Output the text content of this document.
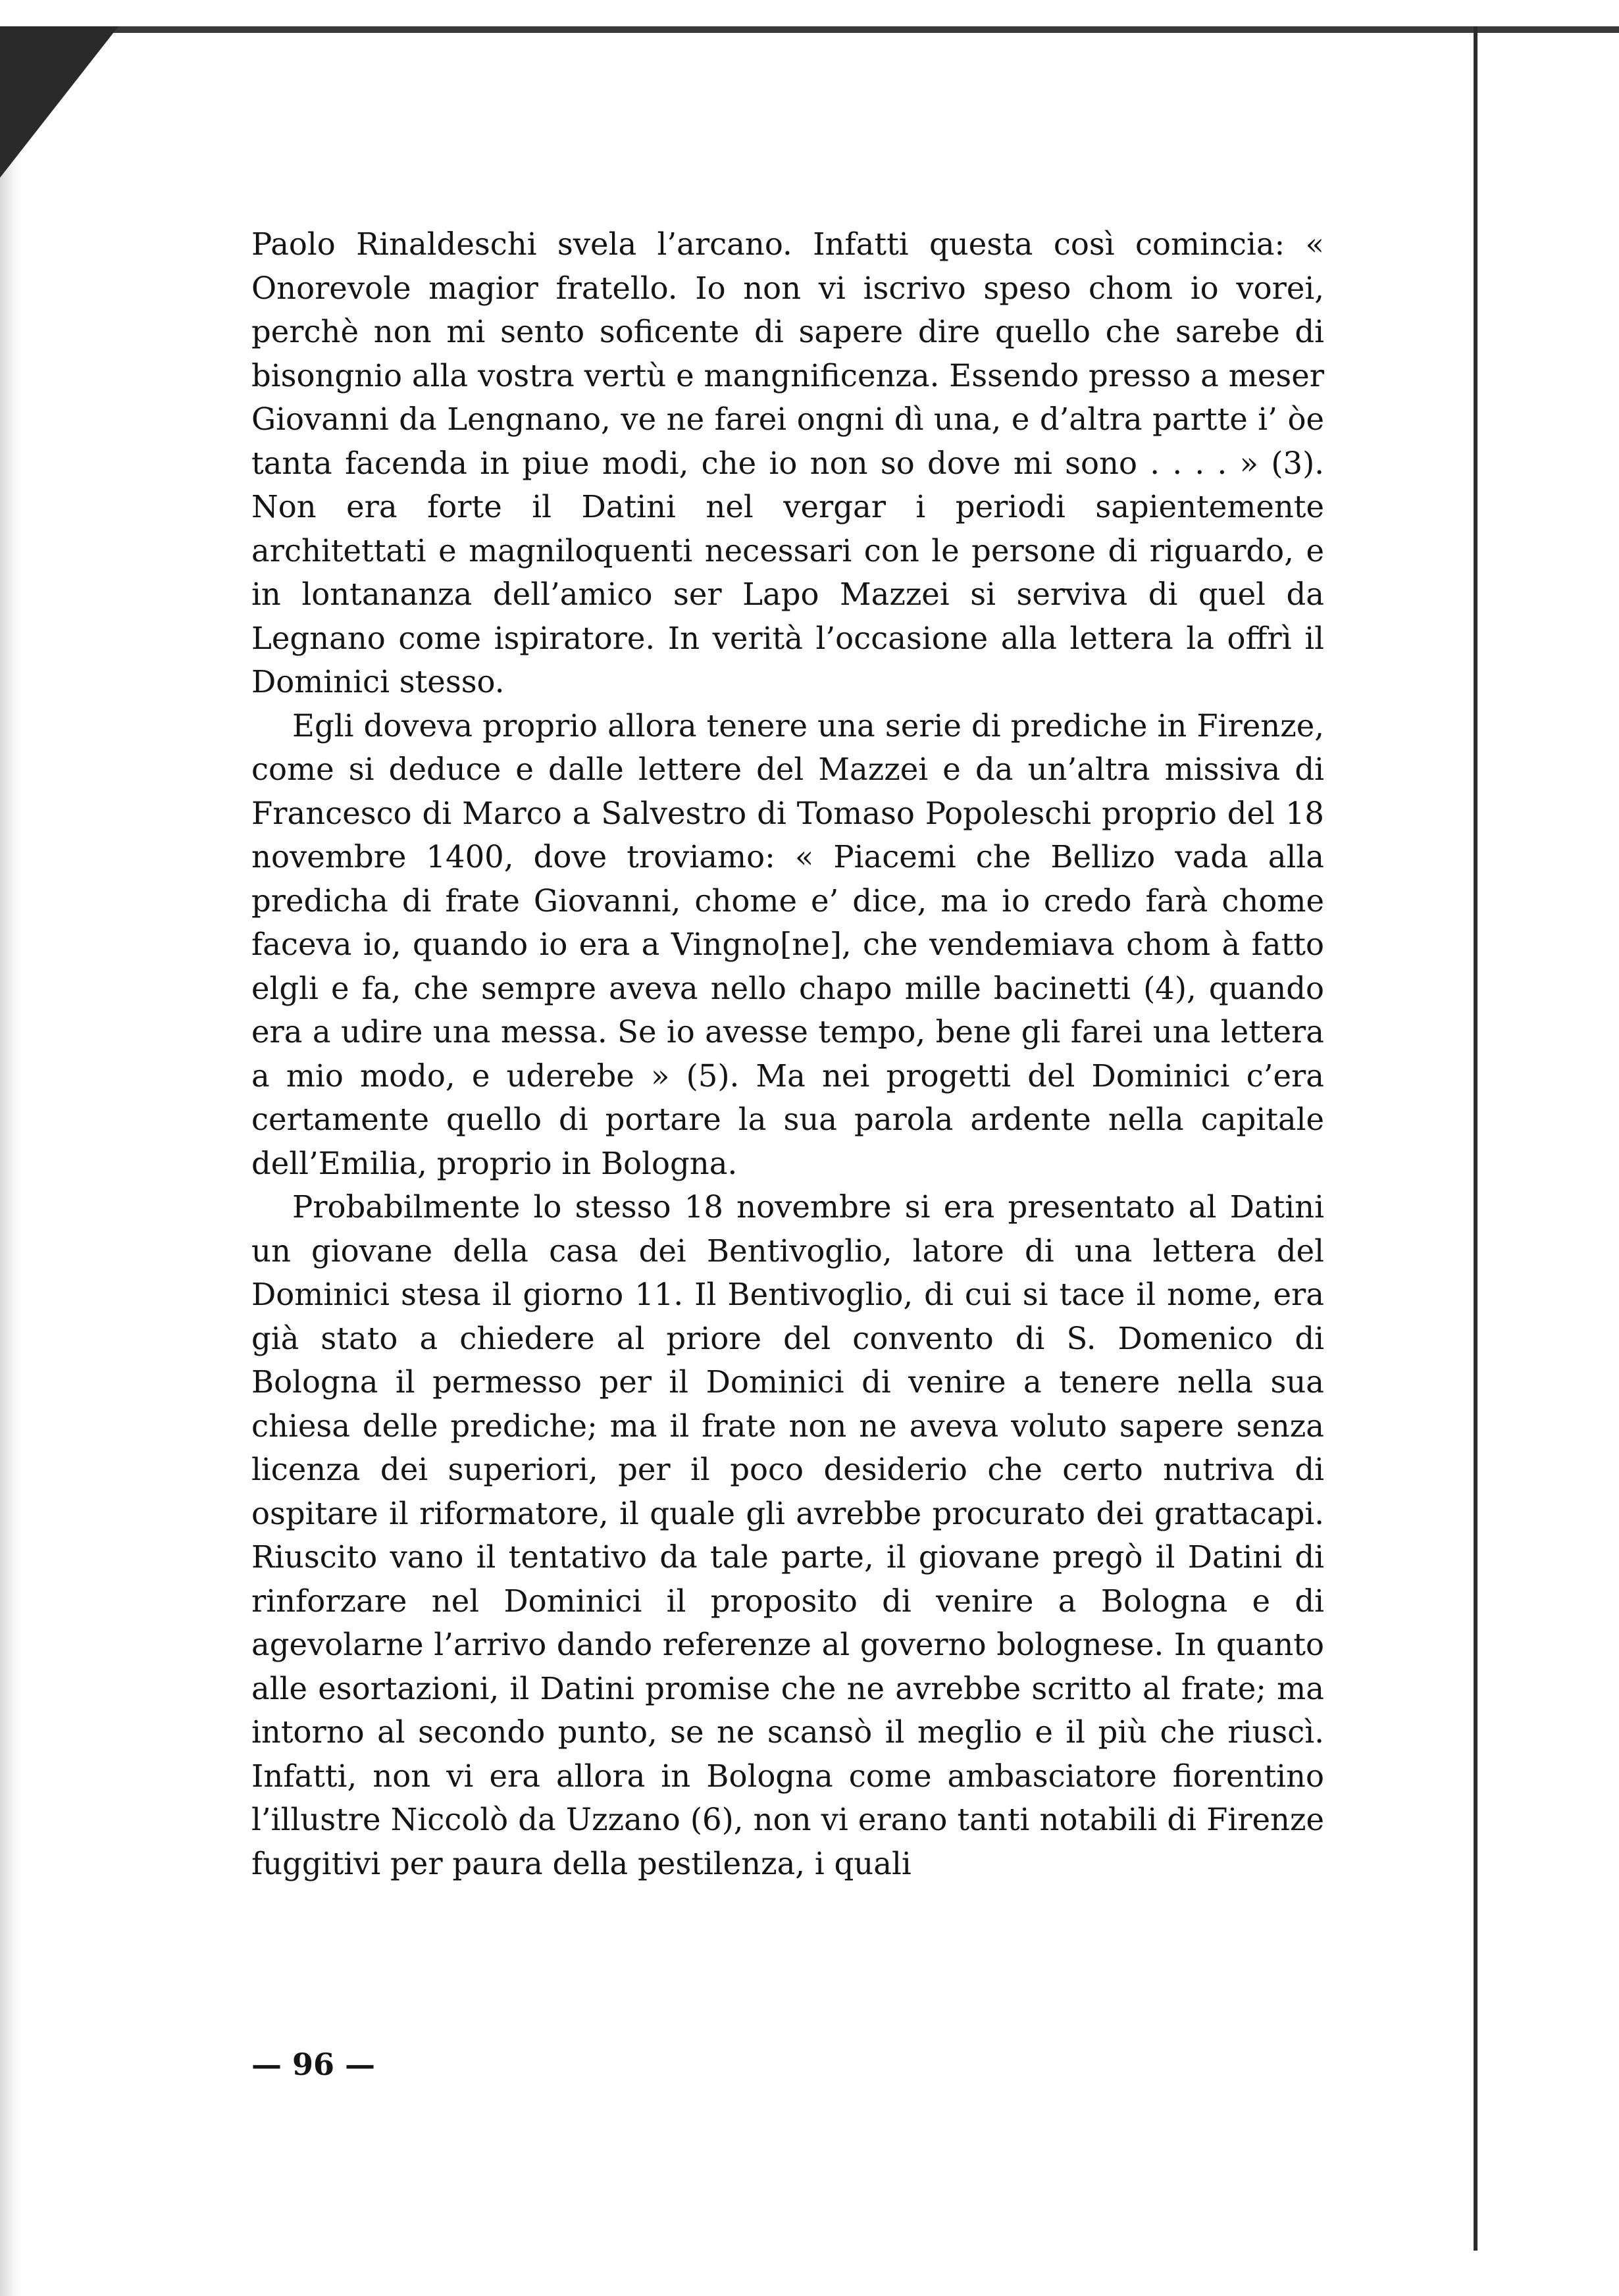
Paolo Rinaldeschi svela l’arcano. Infatti questa così comincia: « Onorevole magior fratello. Io non vi iscrivo speso chom io vorei, perchè non mi sento soficente di sapere dire quello che sarebe di bisongnio alla vostra vertù e mangnificenza. Essendo presso a meser Giovanni da Lengnano, ve ne farei ongni dì una, e d’altra partte i’ òe tanta facenda in piue modi, che io non so dove mi sono . . . . » (3). Non era forte il Datini nel vergar i periodi sapientemente architettati e magniloquenti necessari con le persone di riguardo, e in lontananza dell’amico ser Lapo Mazzei si serviva di quel da Legnano come ispiratore. In verità l’occasione alla lettera la offrì il Dominici stesso.

Egli doveva proprio allora tenere una serie di prediche in Firenze, come si deduce e dalle lettere del Mazzei e da un’altra missiva di Francesco di Marco a Salvestro di Tomaso Popoleschi proprio del 18 novembre 1400, dove troviamo: « Piacemi che Bellizo vada alla predicha di frate Giovanni, chome e’ dice, ma io credo farà chome faceva io, quando io era a Vingno[ne], che vendemiava chom à fatto elgli e fa, che sempre aveva nello chapo mille bacinetti (4), quando era a udire una messa. Se io avesse tempo, bene gli farei una lettera a mio modo, e uderebe » (5). Ma nei progetti del Dominici c’era certamente quello di portare la sua parola ardente nella capitale dell’Emilia, proprio in Bologna.

Probabilmente lo stesso 18 novembre si era presentato al Datini un giovane della casa dei Bentivoglio, latore di una lettera del Dominici stesa il giorno 11. Il Bentivoglio, di cui si tace il nome, era già stato a chiedere al priore del convento di S. Domenico di Bologna il permesso per il Dominici di venire a tenere nella sua chiesa delle prediche; ma il frate non ne aveva voluto sapere senza licenza dei superiori, per il poco desiderio che certo nutriva di ospitare il riformatore, il quale gli avrebbe procurato dei grattacapi. Riuscito vano il tentativo da tale parte, il giovane pregò il Datini di rinforzare nel Dominici il proposito di venire a Bologna e di agevolarne l’arrivo dando referenze al governo bolognese. In quanto alle esortazioni, il Datini promise che ne avrebbe scritto al frate; ma intorno al secondo punto, se ne scansò il meglio e il più che riuscì. Infatti, non vi era allora in Bologna come ambasciatore fiorentino l’illustre Niccolò da Uzzano (6), non vi erano tanti notabili di Firenze fuggitivi per paura della pestilenza, i quali

— 96 —
